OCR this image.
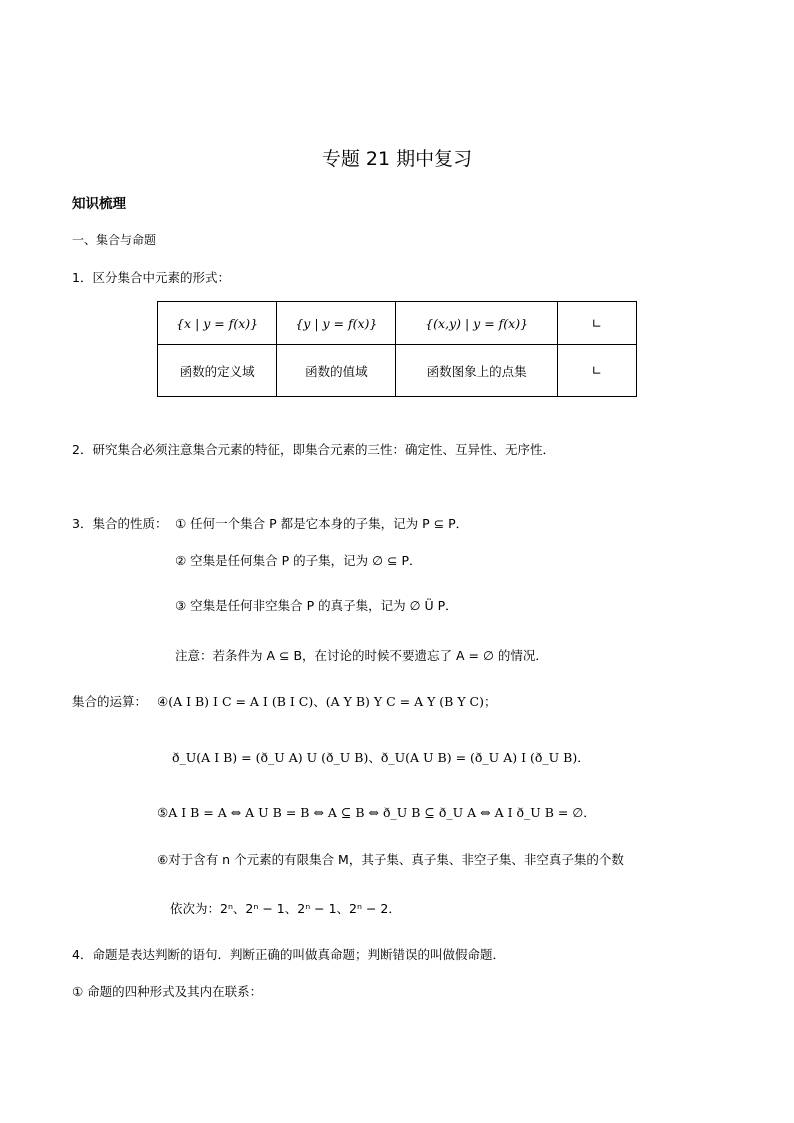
专题 21 期中复习
知识梳理
一、集合与命题
1．区分集合中元素的形式：
{x | y = f(x)}	{y | y = f(x)}	{(x,y) | y = f(x)}	∟
函数的定义域	函数的值域	函数图象上的点集	∟
2．研究集合必须注意集合元素的特征，即集合元素的三性：确定性、互异性、无序性．
3．集合的性质： ① 任何一个集合 P 都是它本身的子集，记为 P ⊆ P．
② 空集是任何集合 P 的子集，记为 ∅ ⊆ P．
③ 空集是任何非空集合 P 的真子集，记为 ∅ Ü P．
注意：若条件为 A ⊆ B，在讨论的时候不要遗忘了 A = ∅ 的情况．
集合的运算： ④(A I B) I C = A I (B I C)、(A Y B) Y C = A Y (B Y C)；
ð_U(A I B) = (ð_U A) U (ð_U B)、ð_U(A U B) = (ð_U A) I (ð_U B)．
⑤A I B = A ⇔ A U B = B ⇔ A ⊆ B ⇔ ð_U B ⊆ ð_U A ⇔ A I ð_U B = ∅．
⑥对于含有 n 个元素的有限集合 M，其子集、真子集、非空子集、非空真子集的个数
依次为：2ⁿ、2ⁿ − 1、2ⁿ − 1、2ⁿ − 2．
4．命题是表达判断的语句．判断正确的叫做真命题；判断错误的叫做假命题．
① 命题的四种形式及其内在联系：
